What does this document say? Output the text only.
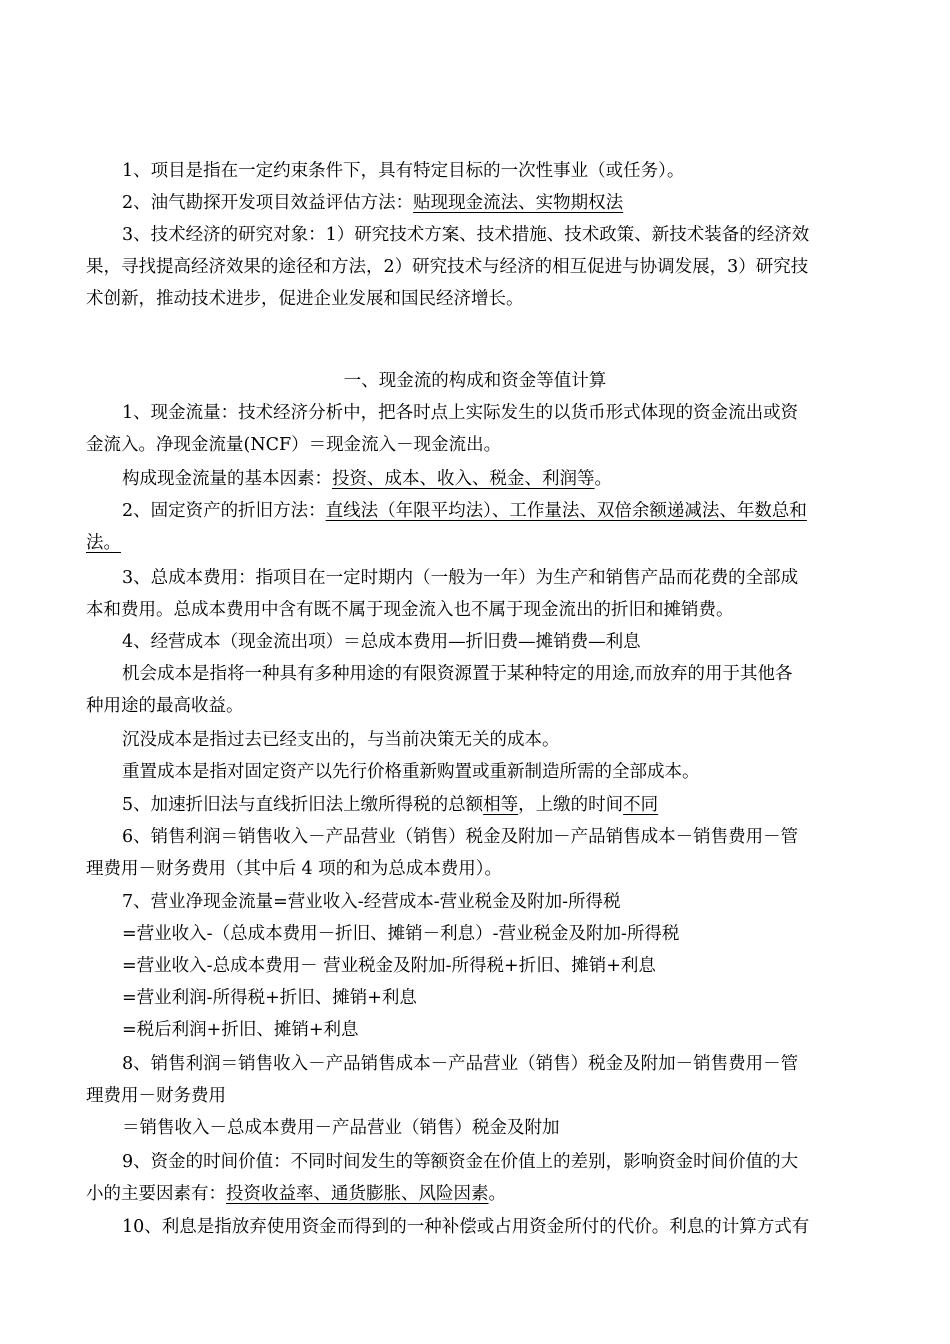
1、项目是指在一定约束条件下，具有特定目标的一次性事业（或任务）。

2、油气勘探开发项目效益评估方法：贴现现金流法、实物期权法

3、技术经济的研究对象：1）研究技术方案、技术措施、技术政策、新技术装备的经济效

果，寻找提高经济效果的途径和方法，2）研究技术与经济的相互促进与协调发展，3）研究技

术创新，推动技术进步，促进企业发展和国民经济增长。

一、现金流的构成和资金等值计算

1、现金流量：技术经济分析中，把各时点上实际发生的以货币形式体现的资金流出或资

金流入。净现金流量(NCF）＝现金流入－现金流出。

构成现金流量的基本因素：投资、成本、收入、税金、利润等。

2、固定资产的折旧方法：直线法（年限平均法）、工作量法、双倍余额递减法、年数总和

法。

3、总成本费用：指项目在一定时期内（一般为一年）为生产和销售产品而花费的全部成

本和费用。总成本费用中含有既不属于现金流入也不属于现金流出的折旧和摊销费。

4、经营成本（现金流出项）＝总成本费用—折旧费—摊销费—利息

机会成本是指将一种具有多种用途的有限资源置于某种特定的用途,而放弃的用于其他各

种用途的最高收益。

沉没成本是指过去已经支出的，与当前决策无关的成本。

重置成本是指对固定资产以先行价格重新购置或重新制造所需的全部成本。

5、加速折旧法与直线折旧法上缴所得税的总额相等，上缴的时间不同

6、销售利润＝销售收入－产品营业（销售）税金及附加－产品销售成本－销售费用－管

理费用－财务费用（其中后 4 项的和为总成本费用）。

7、营业净现金流量=营业收入-经营成本-营业税金及附加-所得税

=营业收入-（总成本费用－折旧、摊销－利息）-营业税金及附加-所得税

=营业收入-总成本费用－ 营业税金及附加-所得税+折旧、摊销+利息

=营业利润-所得税+折旧、摊销+利息

=税后利润+折旧、摊销+利息

8、销售利润＝销售收入－产品销售成本－产品营业（销售）税金及附加－销售费用－管

理费用－财务费用

＝销售收入－总成本费用－产品营业（销售）税金及附加

9、资金的时间价值：不同时间发生的等额资金在价值上的差别，影响资金时间价值的大

小的主要因素有：投资收益率、通货膨胀、风险因素。

10、利息是指放弃使用资金而得到的一种补偿或占用资金所付的代价。利息的计算方式有
